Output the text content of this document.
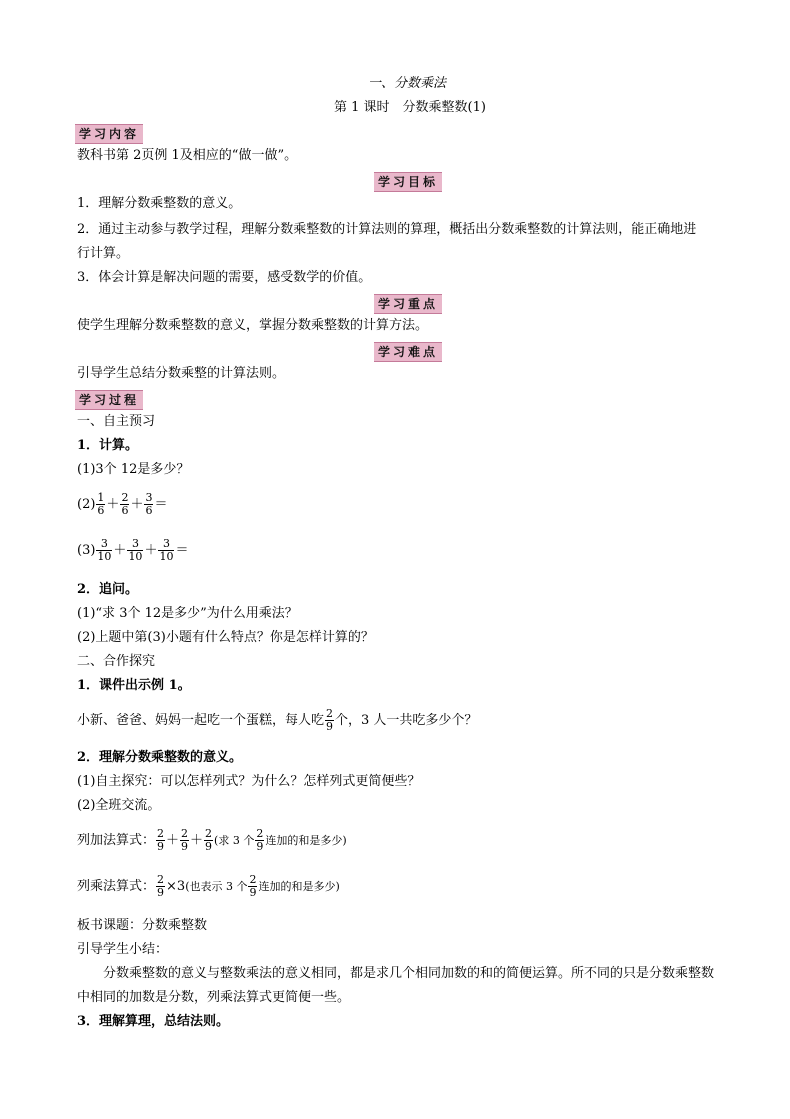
一、分数乘法
第 1 课时　分数乘整数(1)
学习内容
教科书第 2页例 1及相应的“做一做”。
学习目标
1．理解分数乘整数的意义。
2．通过主动参与教学过程，理解分数乘整数的计算法则的算理，概括出分数乘整数的计算法则，能正确地进
行计算。
3．体会计算是解决问题的需要，感受数学的价值。
学习重点
使学生理解分数乘整数的意义，掌握分数乘整数的计算方法。
学习难点
引导学生总结分数乘整的计算法则。
学习过程
一、自主预习
1．计算。
(1)3个 12是多少？
$(2) \frac{1}{6} + \frac{2}{6} + \frac{3}{6}$ ＝
$(3) \frac{3}{10} + \frac{3}{10} + \frac{3}{10}$ ＝
2．追问。
(1)“求 3个 12是多少”为什么用乘法？
(2)上题中第(3)小题有什么特点？你是怎样计算的？
二、合作探究
1．课件出示例 1。
小新、爸爸、妈妈一起吃一个蛋糕，每人吃 $\frac{2}{9}$ 个，3 人一共吃多少个？
2．理解分数乘整数的意义。
(1)自主探究：可以怎样列式？为什么？怎样列式更简便些？
(2)全班交流。
列加法算式： $\frac{2}{9} + \frac{2}{9} + \frac{2}{9}$ (求 3 个 $\frac{2}{9}$ 连加的和是多少)
列乘法算式： $\frac{2}{9} \times 3$(也表示 3 个 $\frac{2}{9}$ 连加的和是多少)
板书课题：分数乘整数
引导学生小结：
分数乘整数的意义与整数乘法的意义相同，都是求几个相同加数的和的简便运算。所不同的只是分数乘整数
中相同的加数是分数，列乘法算式更简便一些。
3．理解算理，总结法则。
